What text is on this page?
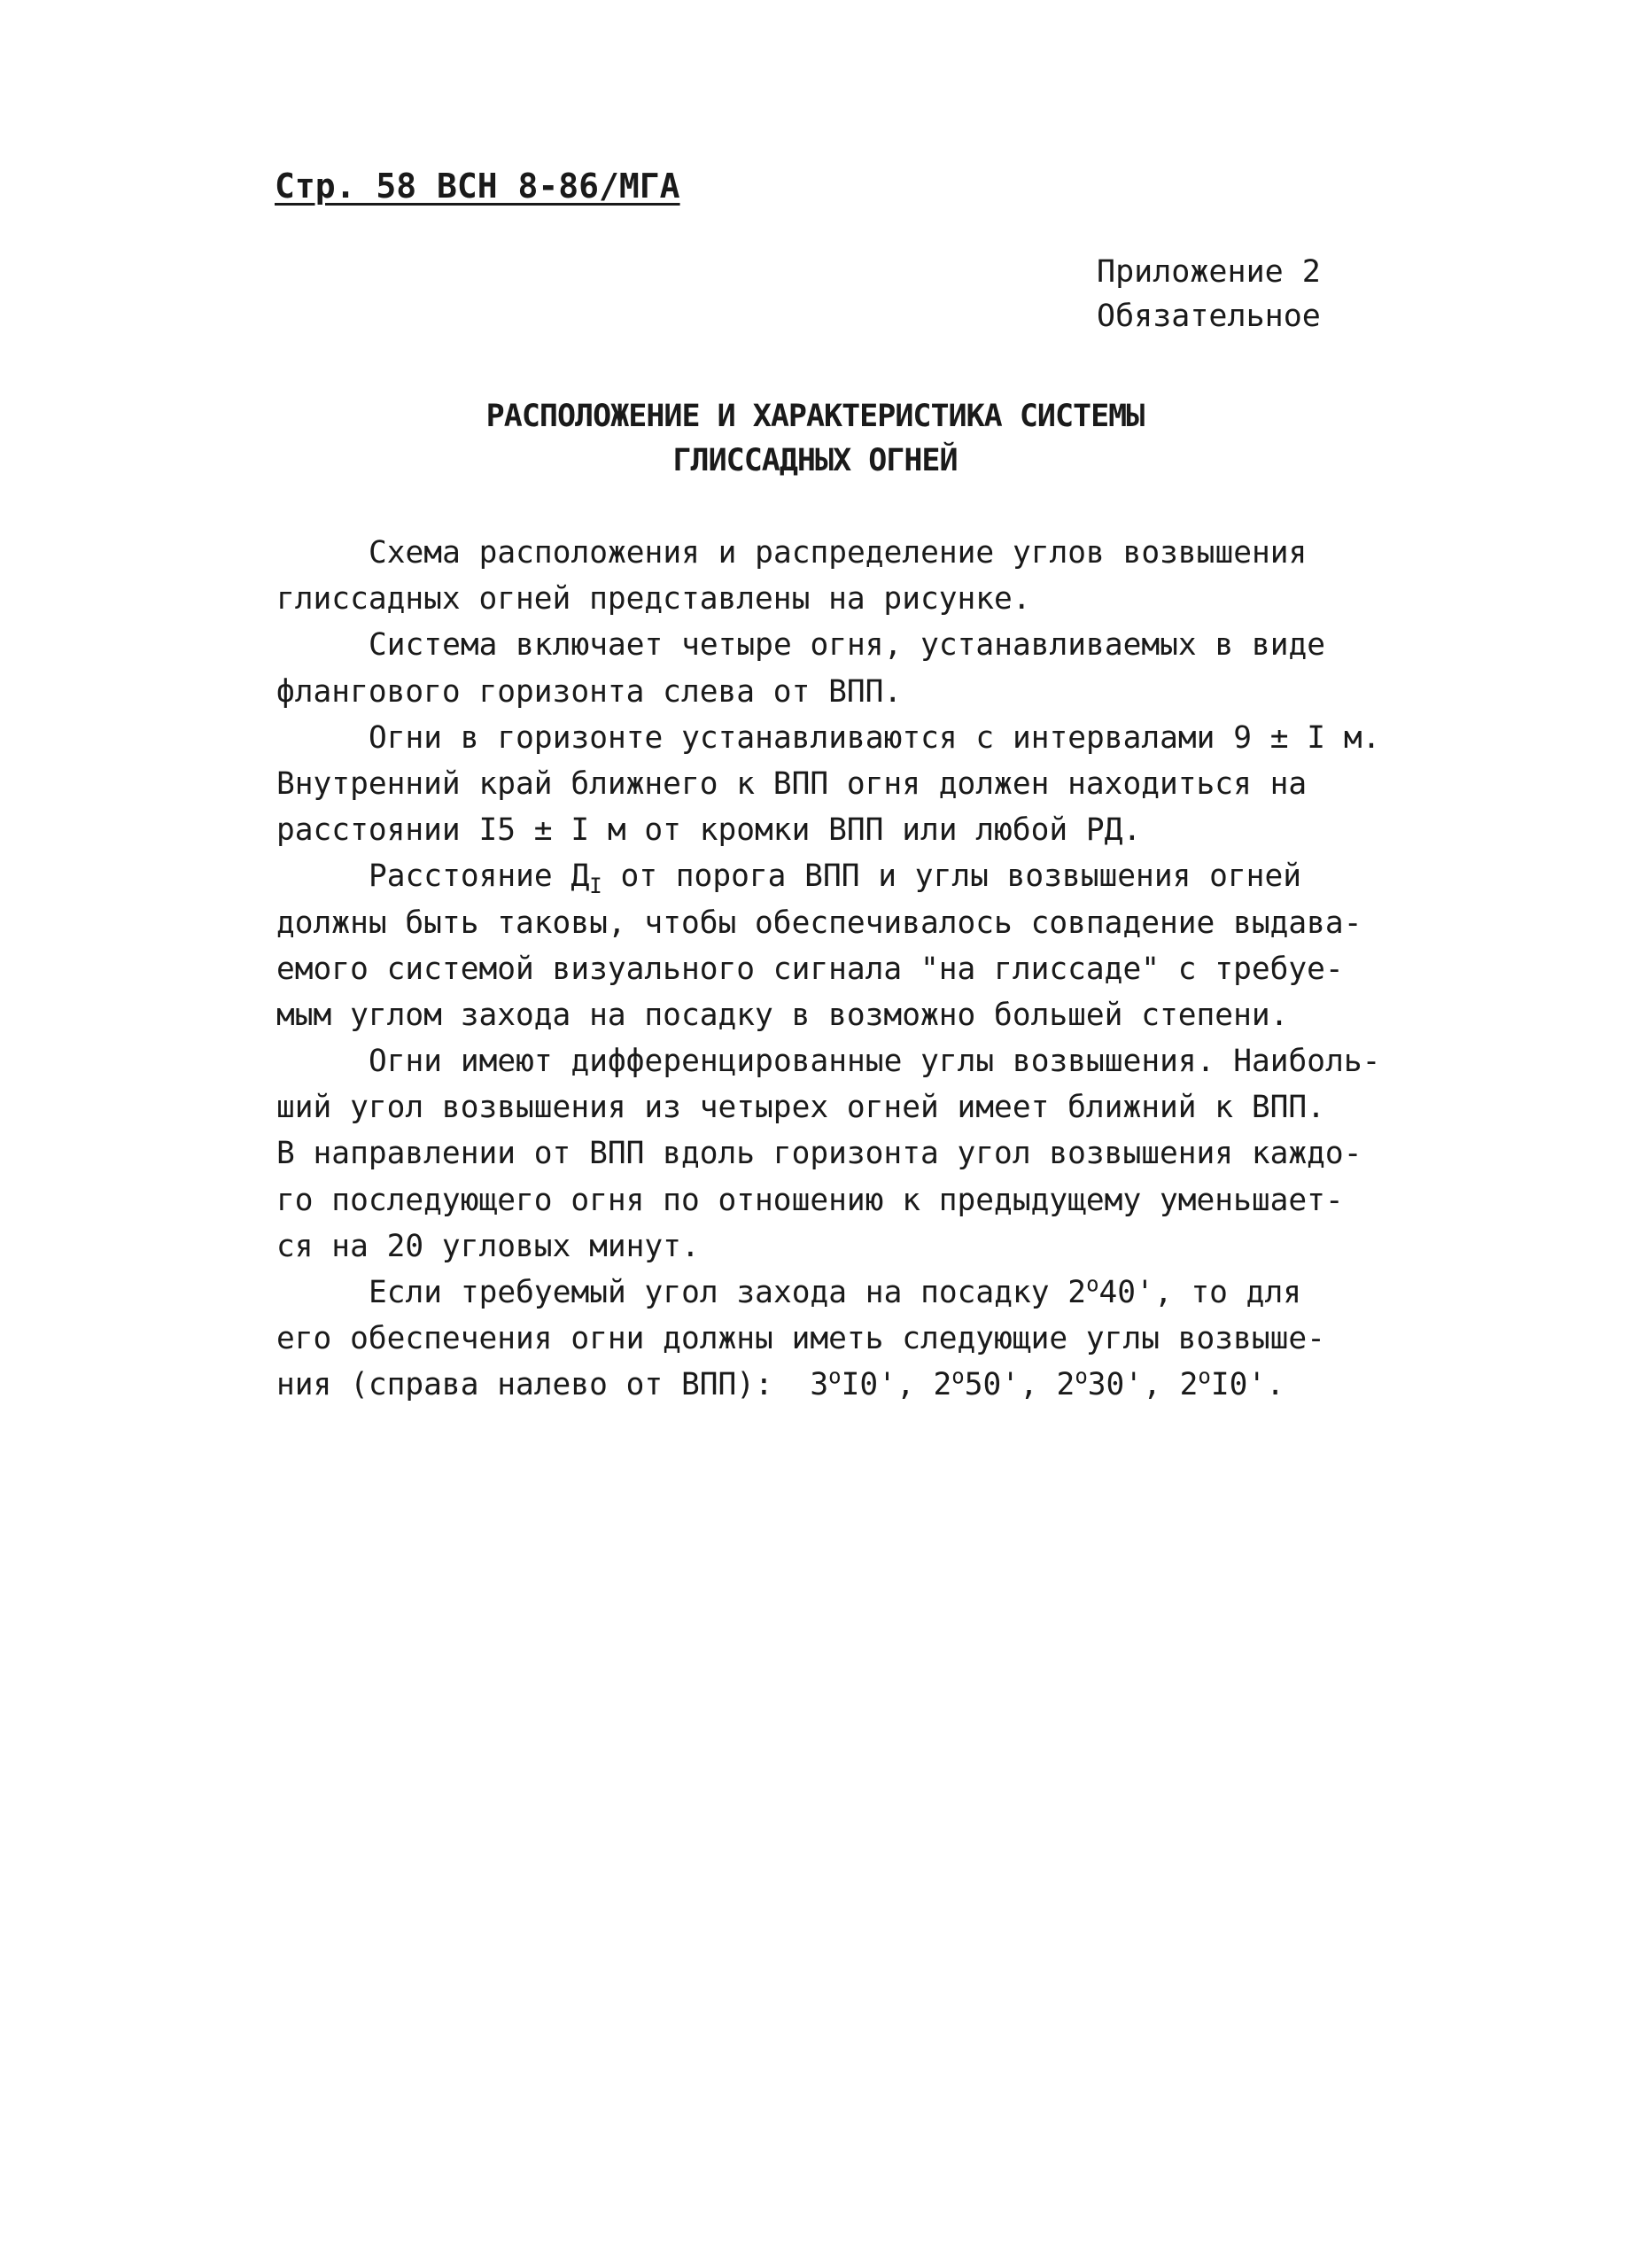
Стр. 58 ВСН 8-86/МГА
Приложение 2
Обязательное
РАСПОЛОЖЕНИЕ И ХАРАКТЕРИСТИКА СИСТЕМЫ
ГЛИССАДНЫХ ОГНЕЙ
Схема расположения и распределение углов возвышения
глиссадных огней представлены на рисунке.
Система включает четыре огня, устанавливаемых в виде
флангового горизонта слева от ВПП.
Огни в горизонте устанавливаются с интервалами 9 ± I м.
Внутренний край ближнего к ВПП огня должен находиться на
расстоянии I5 ± I м от кромки ВПП или любой РД.
Расстояние $Д_I$ от порога ВПП и углы возвышения огней
должны быть таковы, чтобы обеспечивалось совпадение выдава-
емого системой визуального сигнала "на глиссаде" с требуе-
мым углом захода на посадку в возможно большей степени.
Огни имеют дифференцированные углы возвышения. Наиболь-
ший угол возвышения из четырех огней имеет ближний к ВПП.
В направлении от ВПП вдоль горизонта угол возвышения каждо-
го последующего огня по отношению к предыдущему уменьшает-
ся на 20 угловых минут.
Если требуемый угол захода на посадку $2^о40'$, то для
его обеспечения огни должны иметь следующие углы возвыше-
ния (справа налево от ВПП): $3^оI0'$, $2^о50'$, $2^о30'$, $2^оI0'$.
